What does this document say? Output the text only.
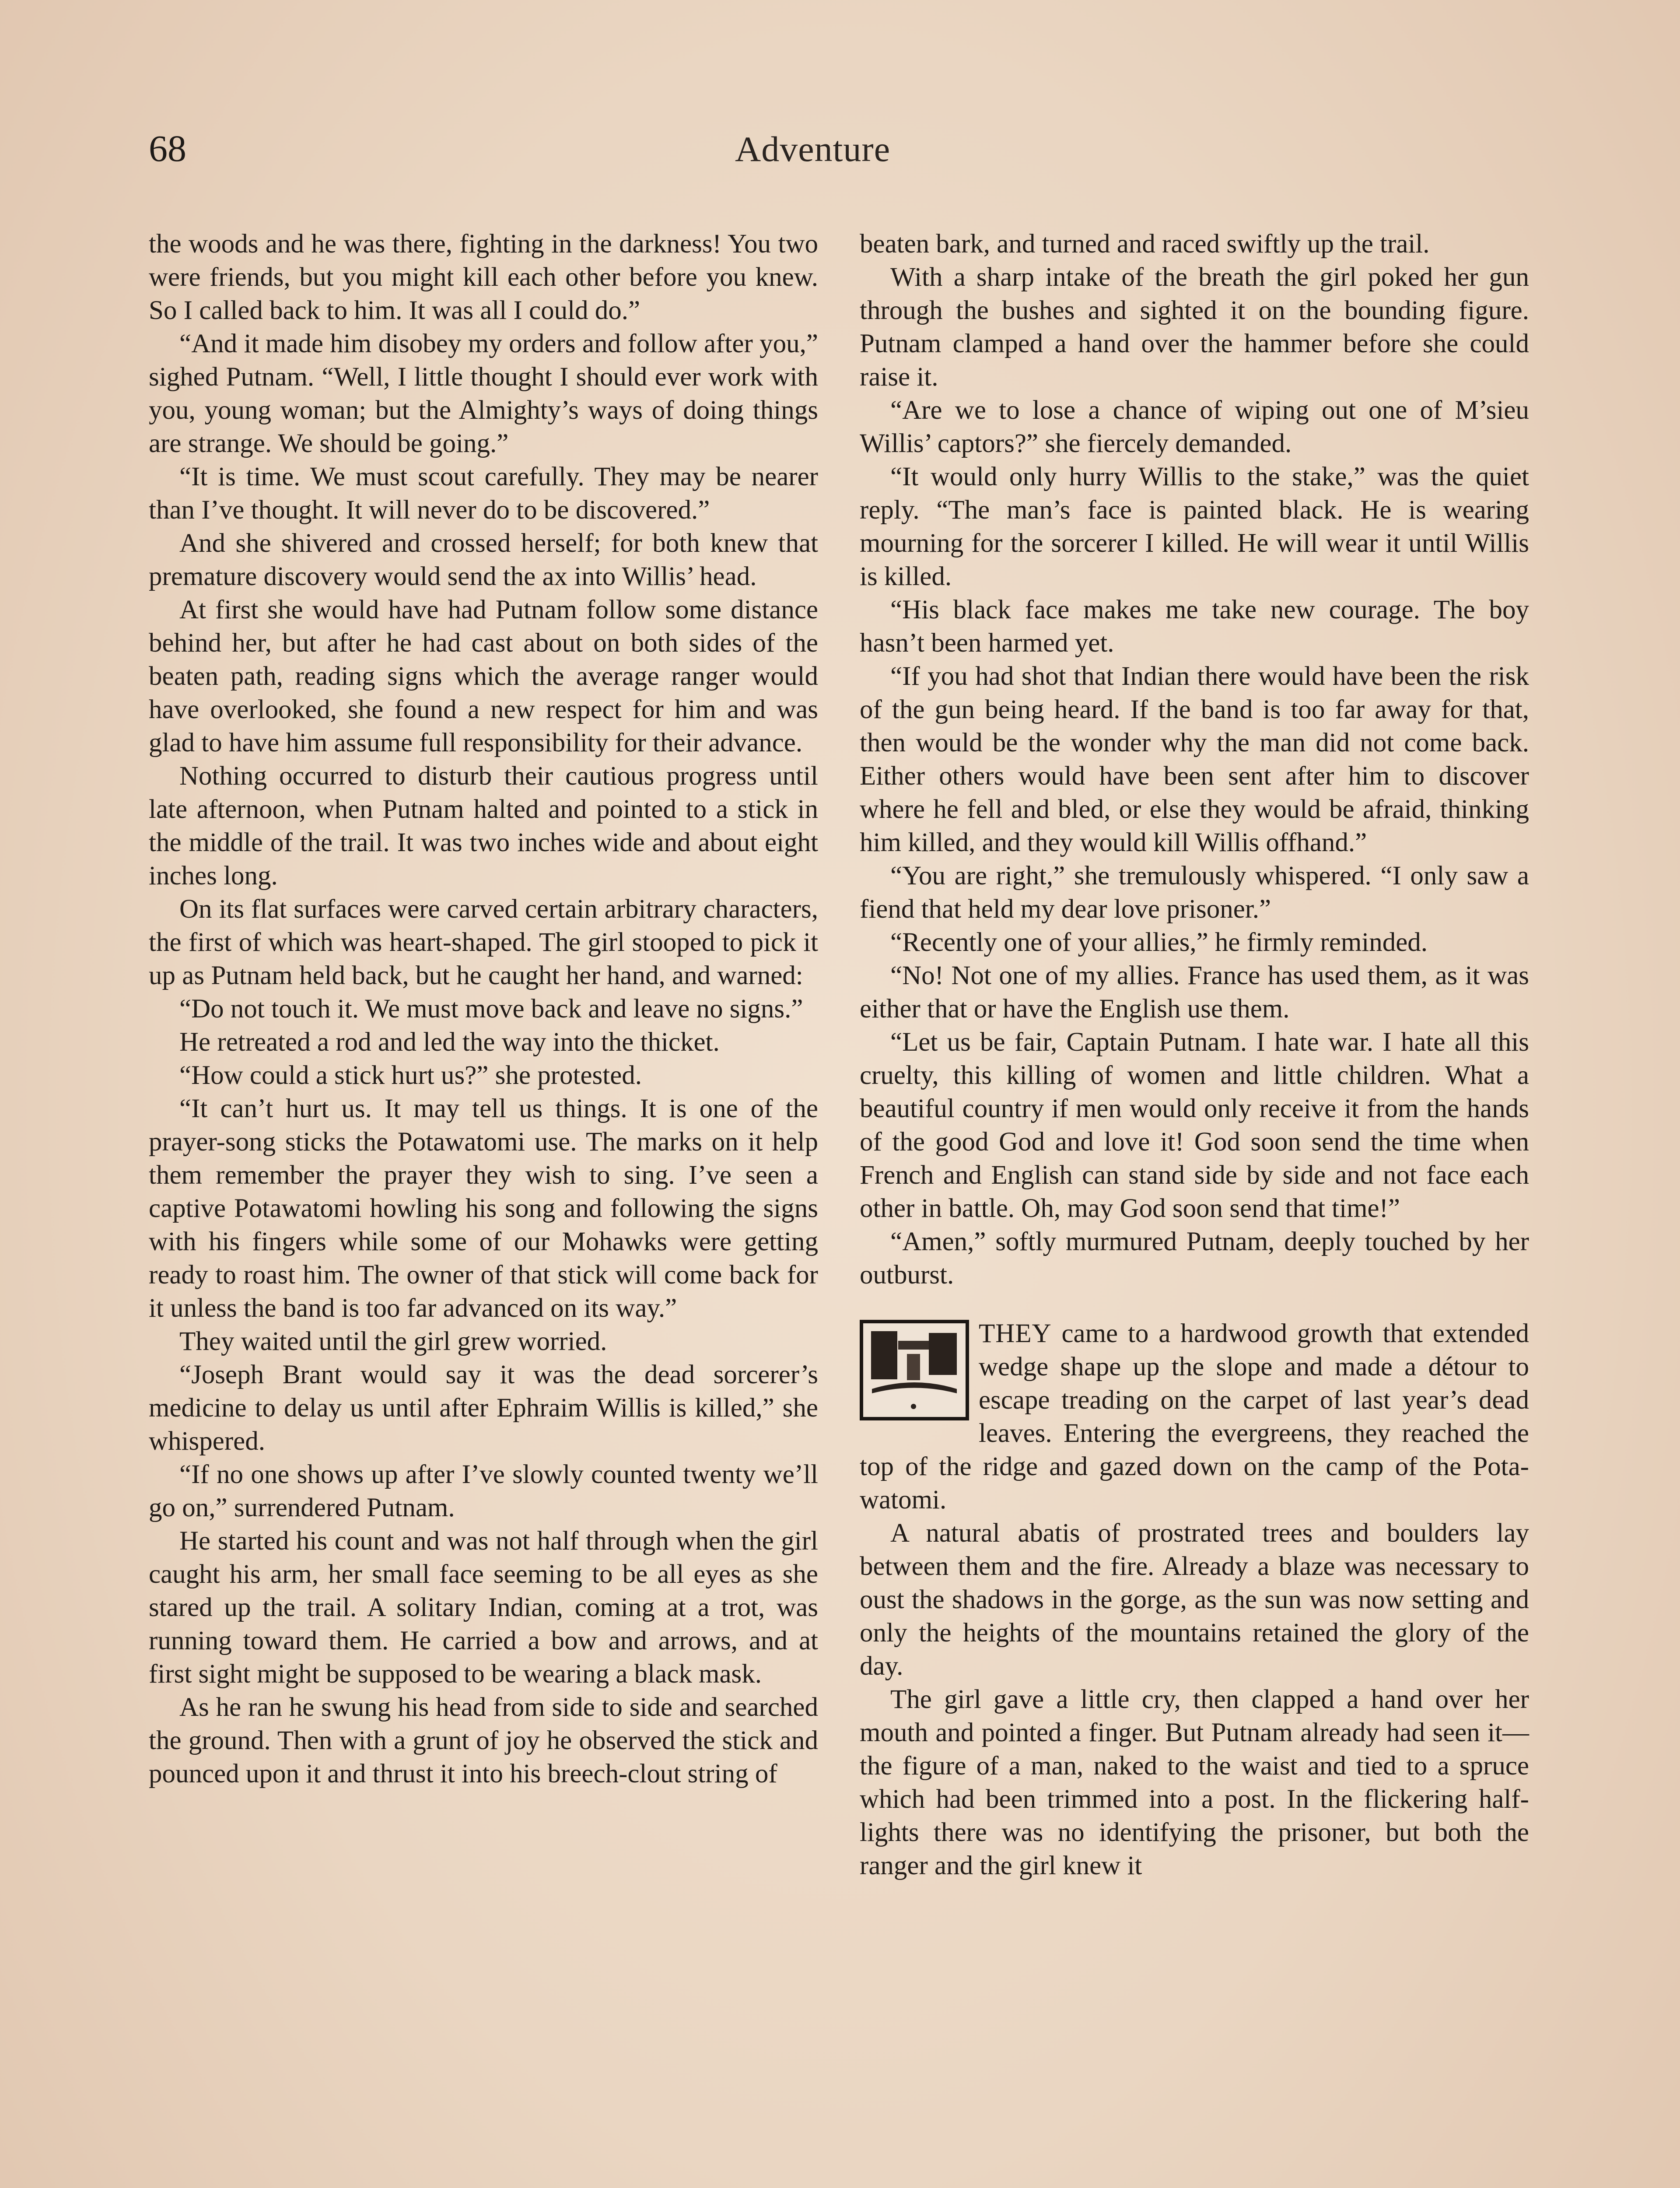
68	Adventure

the woods and he was there, fighting in the darkness! You two were friends, but you might kill each other before you knew. So I called back to him. It was all I could do.”

“And it made him disobey my orders and follow after you,” sighed Putnam. “Well, I little thought I should ever work with you, young woman; but the Almighty’s ways of doing things are strange. We should be going.”

“It is time. We must scout carefully. They may be nearer than I’ve thought. It will never do to be discovered.”

And she shivered and crossed herself; for both knew that premature discovery would send the ax into Willis’ head.

At first she would have had Putnam follow some distance behind her, but after he had cast about on both sides of the beaten path, reading signs which the average ranger would have overlooked, she found a new respect for him and was glad to have him assume full responsibility for their advance.

Nothing occurred to disturb their cautious progress until late afternoon, when Putnam halted and pointed to a stick in the middle of the trail. It was two inches wide and about eight inches long.

On its flat surfaces were carved certain arbitrary characters, the first of which was heart-shaped. The girl stooped to pick it up as Putnam held back, but he caught her hand, and warned:

“Do not touch it. We must move back and leave no signs.”

He retreated a rod and led the way into the thicket.

“How could a stick hurt us?” she protested.

“It can’t hurt us. It may tell us things. It is one of the prayer-song sticks the Potawatomi use. The marks on it help them remember the prayer they wish to sing. I’ve seen a captive Potawatomi howling his song and following the signs with his fingers while some of our Mohawks were getting ready to roast him. The owner of that stick will come back for it unless the band is too far advanced on its way.”

They waited until the girl grew worried.

“Joseph Brant would say it was the dead sorcerer’s medicine to delay us until after Ephraim Willis is killed,” she whispered.

“If no one shows up after I’ve slowly counted twenty we’ll go on,” surrendered Putnam.

He started his count and was not half through when the girl caught his arm, her small face seeming to be all eyes as she stared up the trail. A solitary Indian, coming at a trot, was running toward them. He carried a bow and arrows, and at first sight might be supposed to be wearing a black mask.

As he ran he swung his head from side to side and searched the ground. Then with a grunt of joy he observed the stick and pounced upon it and thrust it into his breech-clout string of

beaten bark, and turned and raced swiftly up the trail.

With a sharp intake of the breath the girl poked her gun through the bushes and sighted it on the bounding figure. Putnam clamped a hand over the hammer before she could raise it.

“Are we to lose a chance of wiping out one of M’sieu Willis’ captors?” she fiercely demanded.

“It would only hurry Willis to the stake,” was the quiet reply. “The man’s face is painted black. He is wearing mourning for the sorcerer I killed. He will wear it until Willis is killed.

“His black face makes me take new courage. The boy hasn’t been harmed yet.

“If you had shot that Indian there would have been the risk of the gun being heard. If the band is too far away for that, then would be the wonder why the man did not come back. Either others would have been sent after him to discover where he fell and bled, or else they would be afraid, thinking him killed, and they would kill Willis offhand.”

“You are right,” she tremulously whispered. “I only saw a fiend that held my dear love prisoner.”

“Recently one of your allies,” he firmly reminded.

“No! Not one of my allies. France has used them, as it was either that or have the English use them.

“Let us be fair, Captain Putnam. I hate war. I hate all this cruelty, this killing of women and little children. What a beautiful country if men would only receive it from the hands of the good God and love it! God soon send the time when French and English can stand side by side and not face each other in battle. Oh, may God soon send that time!”

“Amen,” softly murmured Putnam, deeply touched by her outburst.

THEY came to a hardwood growth that extended wedge shape up the slope and made a détour to escape treading on the carpet of last year’s dead leaves. Entering the evergreens, they reached the top of the ridge and gazed down on the camp of the Potawatomi.

A natural abatis of prostrated trees and boulders lay between them and the fire. Already a blaze was necessary to oust the shadows in the gorge, as the sun was now setting and only the heights of the mountains retained the glory of the day.

The girl gave a little cry, then clapped a hand over her mouth and pointed a finger. But Putnam already had seen it—the figure of a man, naked to the waist and tied to a spruce which had been trimmed into a post. In the flickering half-lights there was no identifying the prisoner, but both the ranger and the girl knew it
